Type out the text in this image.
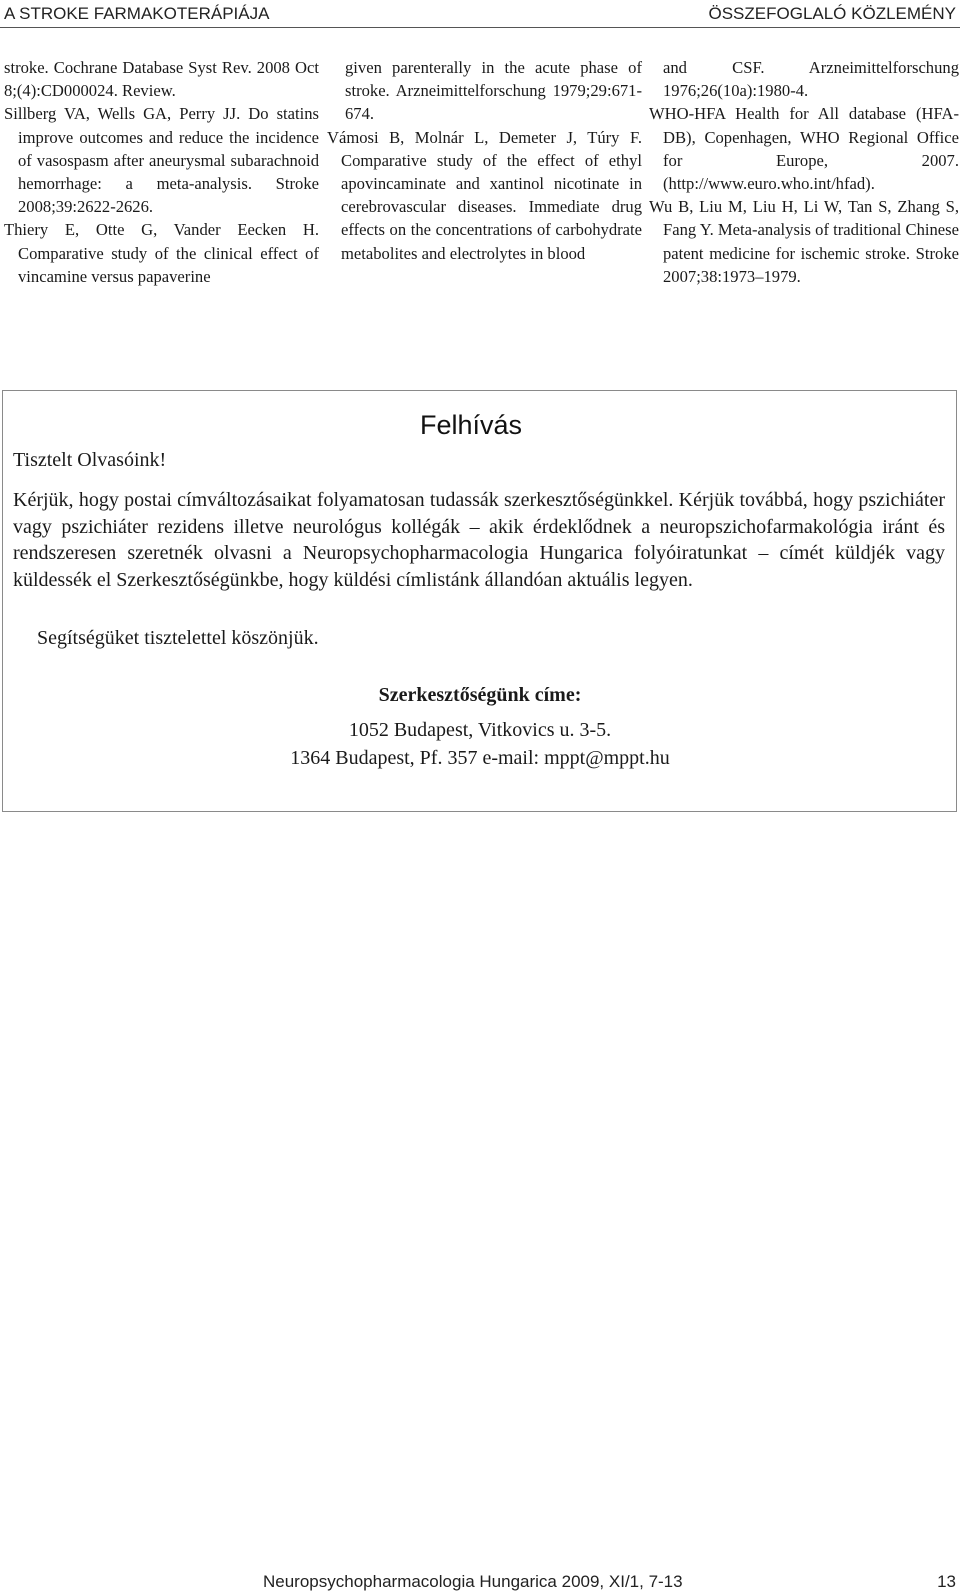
A STROKE FARMAKOTERÁPIÁJA	ÖSSZEFOGLALÓ KÖZLEMÉNY

stroke. Cochrane Database Syst Rev. 2008 Oct 8;(4):CD000024. Review.

Sillberg VA, Wells GA, Perry JJ. Do statins improve outcomes and reduce the incidence of vasospasm after aneurysmal subarachnoid hemorrhage: a meta-analysis. Stroke 2008;39:2622-2626.

Thiery E, Otte G, Vander Eecken H. Comparative study of the clinical effect of vincamine versus papaverine

given parenterally in the acute phase of stroke. Arzneimittelforschung 1979;29:671-674.

Vámosi B, Molnár L, Demeter J, Túry F. Comparative study of the effect of ethyl apovincaminate and xantinol nicotinate in cerebrovascular diseases. Immediate drug effects on the concentrations of carbohydrate metabolites and electrolytes in blood

and CSF. Arzneimittelforschung 1976;26(10a):1980-4.

WHO-HFA Health for All database (HFA-DB), Copenhagen, WHO Regional Office for Europe, 2007. (http://www.euro.who.int/hfad).

Wu B, Liu M, Liu H, Li W, Tan S, Zhang S, Fang Y. Meta-analysis of traditional Chinese patent medicine for ischemic stroke. Stroke 2007;38:1973–1979.

Felhívás
Tisztelt Olvasóink!

Kérjük, hogy postai címváltozásaikat folyamatosan tudassák szerkesztőségünkkel. Kérjük továbbá, hogy pszichiáter vagy pszichiáter rezidens illetve neurológus kollégák – akik érdeklődnek a neuropszichofarmakológia iránt és rendszeresen szeretnék olvasni a Neuropsychopharmacologia Hungarica folyóiratunkat – címét küldjék vagy küldessék el Szerkesztőségünkbe, hogy küldési címlistánk állandóan aktuális legyen.

Segítségüket tisztelettel köszönjük.
Szerkesztőségünk címe:
1052 Budapest, Vitkovics u. 3-5.
1364 Budapest, Pf. 357 e-mail: mppt@mppt.hu
Neuropsychopharmacologia Hungarica 2009, XI/1, 7-13	13
